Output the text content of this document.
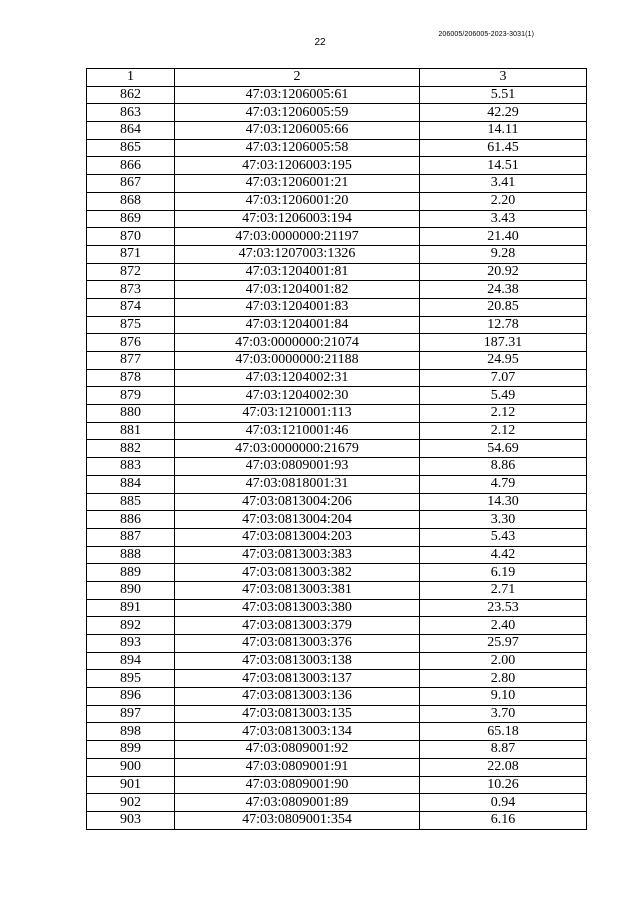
206005/206005-2023-3031(1)
22
1	2	3
862	47:03:1206005:61	5.51
863	47:03:1206005:59	42.29
864	47:03:1206005:66	14.11
865	47:03:1206005:58	61.45
866	47:03:1206003:195	14.51
867	47:03:1206001:21	3.41
868	47:03:1206001:20	2.20
869	47:03:1206003:194	3.43
870	47:03:0000000:21197	21.40
871	47:03:1207003:1326	9.28
872	47:03:1204001:81	20.92
873	47:03:1204001:82	24.38
874	47:03:1204001:83	20.85
875	47:03:1204001:84	12.78
876	47:03:0000000:21074	187.31
877	47:03:0000000:21188	24.95
878	47:03:1204002:31	7.07
879	47:03:1204002:30	5.49
880	47:03:1210001:113	2.12
881	47:03:1210001:46	2.12
882	47:03:0000000:21679	54.69
883	47:03:0809001:93	8.86
884	47:03:0818001:31	4.79
885	47:03:0813004:206	14.30
886	47:03:0813004:204	3.30
887	47:03:0813004:203	5.43
888	47:03:0813003:383	4.42
889	47:03:0813003:382	6.19
890	47:03:0813003:381	2.71
891	47:03:0813003:380	23.53
892	47:03:0813003:379	2.40
893	47:03:0813003:376	25.97
894	47:03:0813003:138	2.00
895	47:03:0813003:137	2.80
896	47:03:0813003:136	9.10
897	47:03:0813003:135	3.70
898	47:03:0813003:134	65.18
899	47:03:0809001:92	8.87
900	47:03:0809001:91	22.08
901	47:03:0809001:90	10.26
902	47:03:0809001:89	0.94
903	47:03:0809001:354	6.16
